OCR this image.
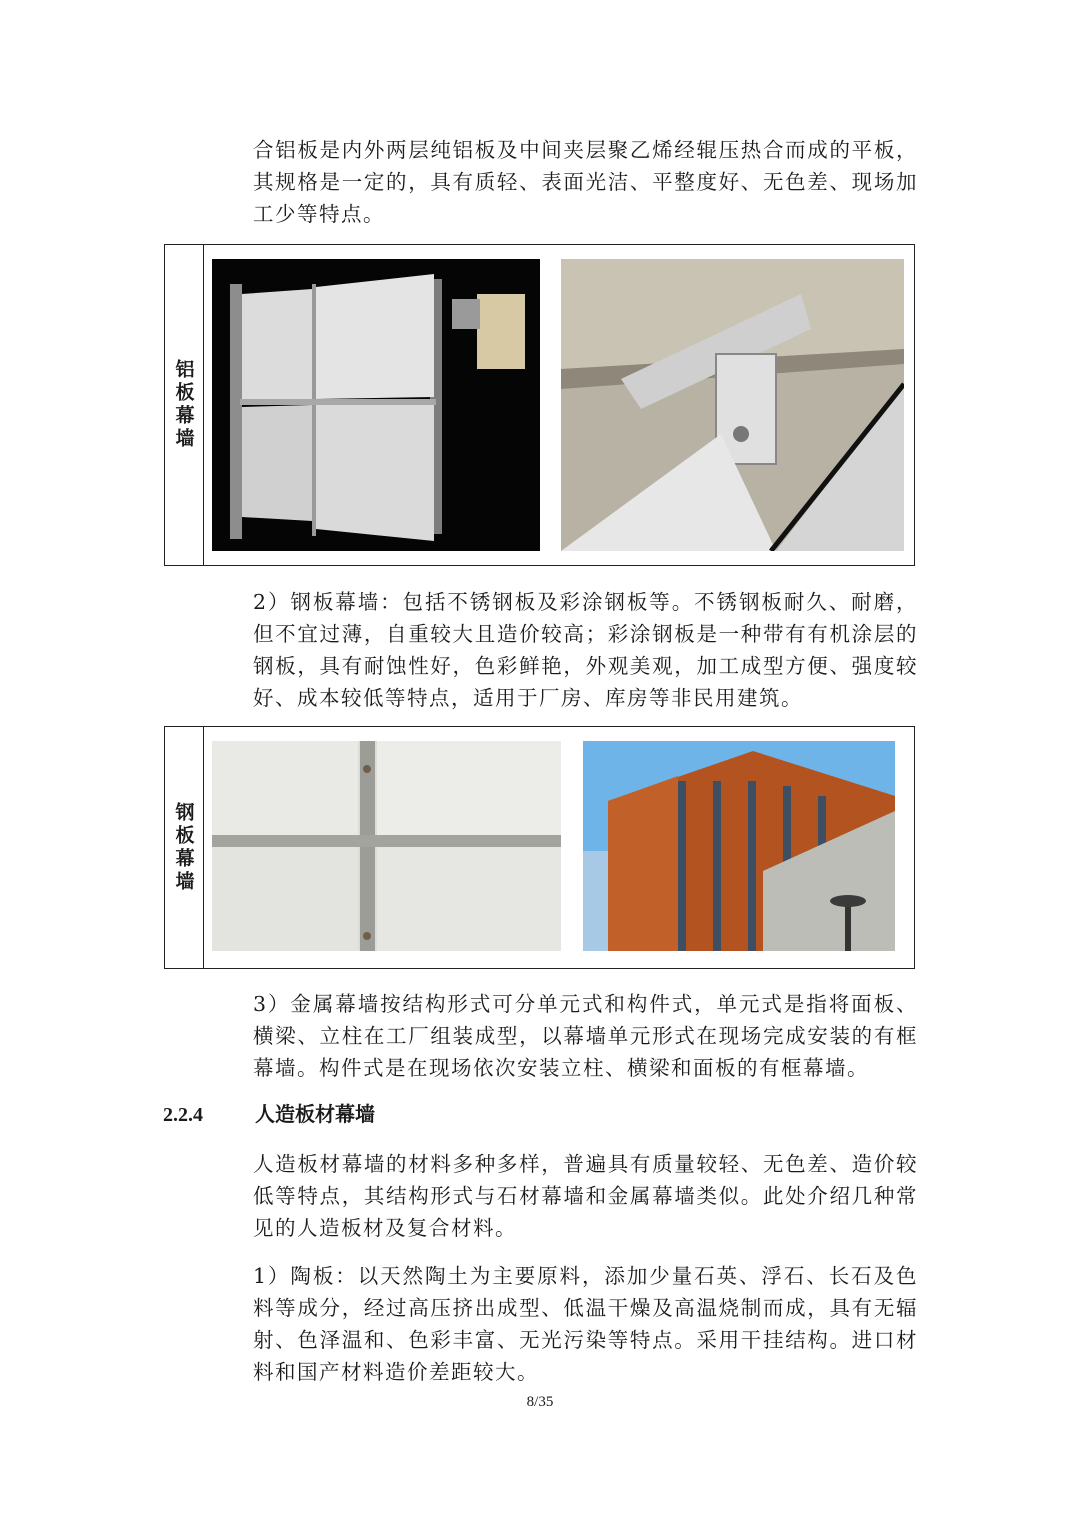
合铝板是内外两层纯铝板及中间夹层聚乙烯经辊压热合而成的平板，其规格是一定的，具有质轻、表面光洁、平整度好、无色差、现场加工少等特点。

铝板幕墙

2）钢板幕墙：包括不锈钢板及彩涂钢板等。不锈钢板耐久、耐磨，但不宜过薄，自重较大且造价较高；彩涂钢板是一种带有有机涂层的钢板，具有耐蚀性好，色彩鲜艳，外观美观，加工成型方便、强度较好、成本较低等特点，适用于厂房、库房等非民用建筑。

钢板幕墙

3）金属幕墙按结构形式可分单元式和构件式，单元式是指将面板、横梁、立柱在工厂组装成型，以幕墙单元形式在现场完成安装的有框幕墙。构件式是在现场依次安装立柱、横梁和面板的有框幕墙。

2.2.4	人造板材幕墙

人造板材幕墙的材料多种多样，普遍具有质量较轻、无色差、造价较低等特点，其结构形式与石材幕墙和金属幕墙类似。此处介绍几种常见的人造板材及复合材料。

1）陶板：以天然陶土为主要原料，添加少量石英、浮石、长石及色料等成分，经过高压挤出成型、低温干燥及高温烧制而成，具有无辐射、色泽温和、色彩丰富、无光污染等特点。采用干挂结构。进口材料和国产材料造价差距较大。

8/35
